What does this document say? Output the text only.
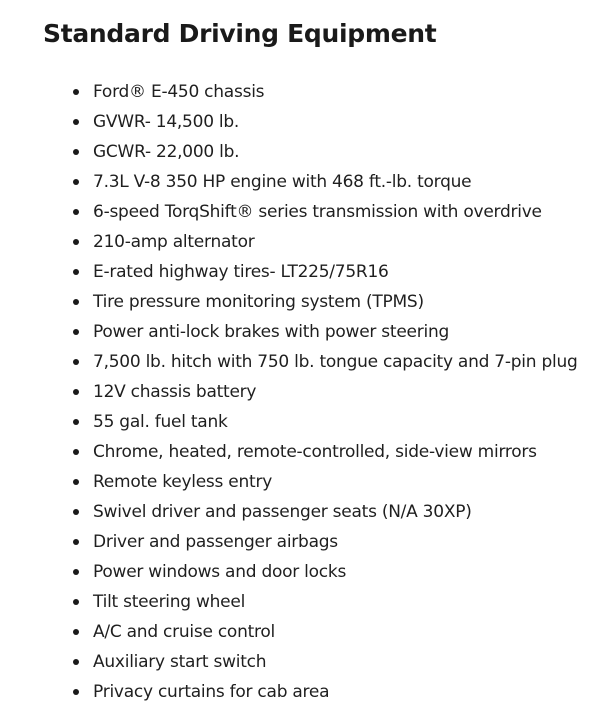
Standard Driving Equipment
Ford® E-450 chassis
GVWR- 14,500 lb.
GCWR- 22,000 lb.
7.3L V-8 350 HP engine with 468 ft.-lb. torque
6-speed TorqShift® series transmission with overdrive
210-amp alternator
E-rated highway tires- LT225/75R16
Tire pressure monitoring system (TPMS)
Power anti-lock brakes with power steering
7,500 lb. hitch with 750 lb. tongue capacity and 7-pin plug
12V chassis battery
55 gal. fuel tank
Chrome, heated, remote-controlled, side-view mirrors
Remote keyless entry
Swivel driver and passenger seats (N/A 30XP)
Driver and passenger airbags
Power windows and door locks
Tilt steering wheel
A/C and cruise control
Auxiliary start switch
Privacy curtains for cab area
